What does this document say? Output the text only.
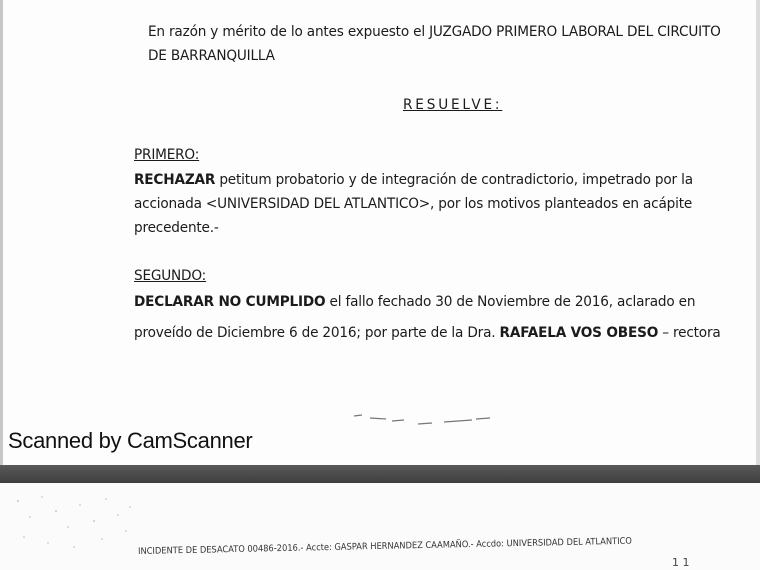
En razón y mérito de lo antes expuesto el JUZGADO PRIMERO LABORAL DEL CIRCUITO
DE BARRANQUILLA
RESUELVE:
PRIMERO:
RECHAZAR petitum probatorio y de integración de contradictorio, impetrado por la
accionada <UNIVERSIDAD DEL ATLANTICO>, por los motivos planteados en acápite
precedente.-
SEGUNDO:
DECLARAR NO CUMPLIDO el fallo fechado 30 de Noviembre de 2016, aclarado en
proveído de Diciembre 6 de 2016; por parte de la Dra. RAFAELA VOS OBESO – rectora
Scanned by CamScanner
INCIDENTE DE DESACATO 00486-2016.- Accte: GASPAR HERNANDEZ CAAMAÑO.- Accdo: UNIVERSIDAD DEL ATLANTICO
1 1
